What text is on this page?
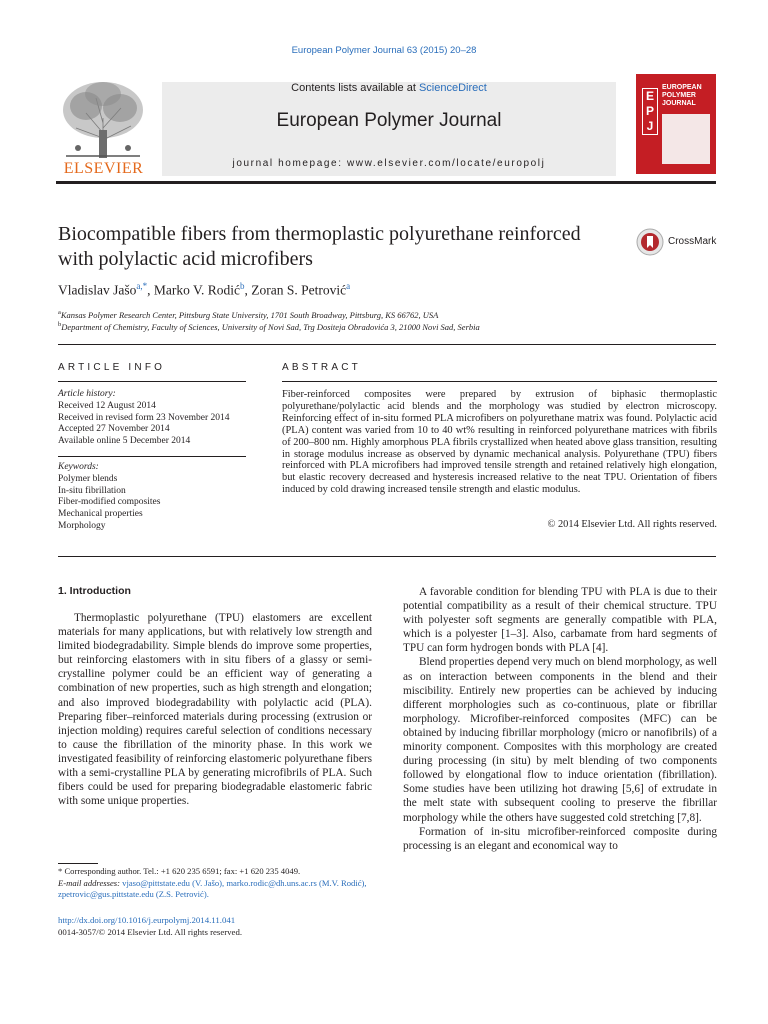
European Polymer Journal 63 (2015) 20–28
ELSEVIER
Contents lists available at ScienceDirect
European Polymer Journal
journal homepage: www.elsevier.com/locate/europolj
E
P
J
EUROPEAN
POLYMER
JOURNAL
Biocompatible fibers from thermoplastic polyurethane reinforced with polylactic acid microfibers
CrossMark
Vladislav Jašo$^{a,*}$, Marko V. Rodić$^b$, Zoran S. Petrović$^a$
$^a$Kansas Polymer Research Center, Pittsburg State University, 1701 South Broadway, Pittsburg, KS 66762, USA
$^b$Department of Chemistry, Faculty of Sciences, University of Novi Sad, Trg Dositeja Obradovića 3, 21000 Novi Sad, Serbia
ARTICLE INFO
Article history:
Received 12 August 2014
Received in revised form 23 November 2014
Accepted 27 November 2014
Available online 5 December 2014
Keywords:
Polymer blends
In-situ fibrillation
Fiber-modified composites
Mechanical properties
Morphology
ABSTRACT
Fiber-reinforced composites were prepared by extrusion of biphasic thermoplastic polyurethane/polylactic acid blends and the morphology was studied by electron microscopy. Reinforcing effect of in-situ formed PLA microfibers on polyurethane matrix was found. Polylactic acid (PLA) content was varied from 10 to 40 wt% resulting in reinforced polyurethane matrices with fibrils of 200–800 nm. Highly amorphous PLA fibrils crystallized when heated above glass transition, resulting in storage modulus increase as observed by dynamic mechanical analysis. Polyurethane (TPU) fibers reinforced with PLA microfibers had improved tensile strength and retained relatively high elongation, but elastic recovery decreased and hysteresis increased relative to the neat TPU. Orientation of fibers induced by cold drawing increased tensile strength and elastic modulus.
© 2014 Elsevier Ltd. All rights reserved.
1. Introduction

Thermoplastic polyurethane (TPU) elastomers are excellent materials for many applications, but with relatively low strength and limited biodegradability. Simple blends do improve some properties, but reinforcing elastomers with in situ fibers of a glassy or semi-crystalline polymer could be an efficient way of generating a combination of new properties, such as high strength and elongation; and also improved biodegradability with polylactic acid (PLA). Preparing fiber–reinforced materials during processing (extrusion or injection molding) requires careful selection of conditions necessary to cause the fibrillation of the minority phase. In this work we investigated feasibility of reinforcing elastomeric polyurethane fibers with a semi-crystalline PLA by generating microfibrils of PLA. Such fibers could be used for preparing biodegradable elastomeric fabric with some unique properties.

* Corresponding author. Tel.: +1 620 235 6591; fax: +1 620 235 4049.
E-mail addresses: vjaso@pittstate.edu (V. Jašo), marko.rodic@dh.uns.ac.rs (M.V. Rodić), zpetrovic@gus.pittstate.edu (Z.S. Petrović).
http://dx.doi.org/10.1016/j.eurpolymj.2014.11.041
0014-3057/© 2014 Elsevier Ltd. All rights reserved.

A favorable condition for blending TPU with PLA is due to their potential compatibility as a result of their chemical structure. TPU with polyester soft segments are generally compatible with PLA, which is a polyester [1–3]. Also, carbamate from hard segments of TPU can form hydrogen bonds with PLA [4].

Blend properties depend very much on blend morphology, as well as on interaction between components in the blend and their miscibility. Entirely new properties can be achieved by inducing different morphologies such as co-continuous, plate or fibrillar morphology. Microfiber-reinforced composites (MFC) can be obtained by inducing fibrillar morphology (micro or nanofibrils) of a minority component. Composites with this morphology are created during processing (in situ) by melt blending of two components followed by elongational flow to induce orientation (fibrillation). Some studies have been utilizing hot drawing [5,6] of extrudate in the melt state with subsequent cooling to preserve the fibrillar morphology while the others have suggested cold stretching [7,8].

Formation of in-situ microfiber-reinforced composite during processing is an elegant and economical way to
